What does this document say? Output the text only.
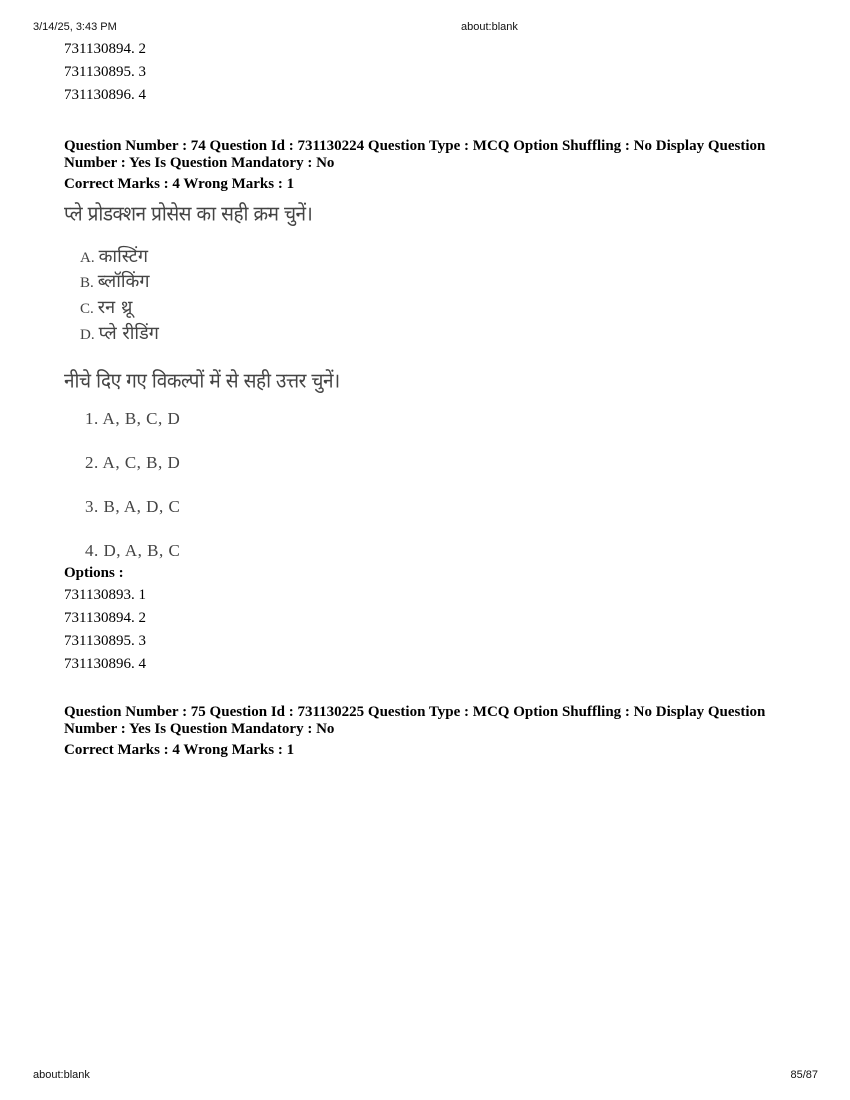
3/14/25, 3:43 PM	about:blank
731130894. 2
731130895. 3
731130896. 4
Question Number : 74 Question Id : 731130224 Question Type : MCQ Option Shuffling : No Display Question Number : Yes Is Question Mandatory : No
Correct Marks : 4 Wrong Marks : 1
प्ले प्रोडक्शन प्रोसेस का सही क्रम चुनें।
A. कास्टिंग
B. ब्लॉकिंग
C. रन थ्रू
D. प्ले रीडिंग
नीचे दिए गए विकल्पों में से सही उत्तर चुनें।
1. A, B, C, D
2. A, C, B, D
3. B, A, D, C
4. D, A, B, C
Options :
731130893. 1
731130894. 2
731130895. 3
731130896. 4
Question Number : 75 Question Id : 731130225 Question Type : MCQ Option Shuffling : No Display Question Number : Yes Is Question Mandatory : No
Correct Marks : 4 Wrong Marks : 1
about:blank	85/87
